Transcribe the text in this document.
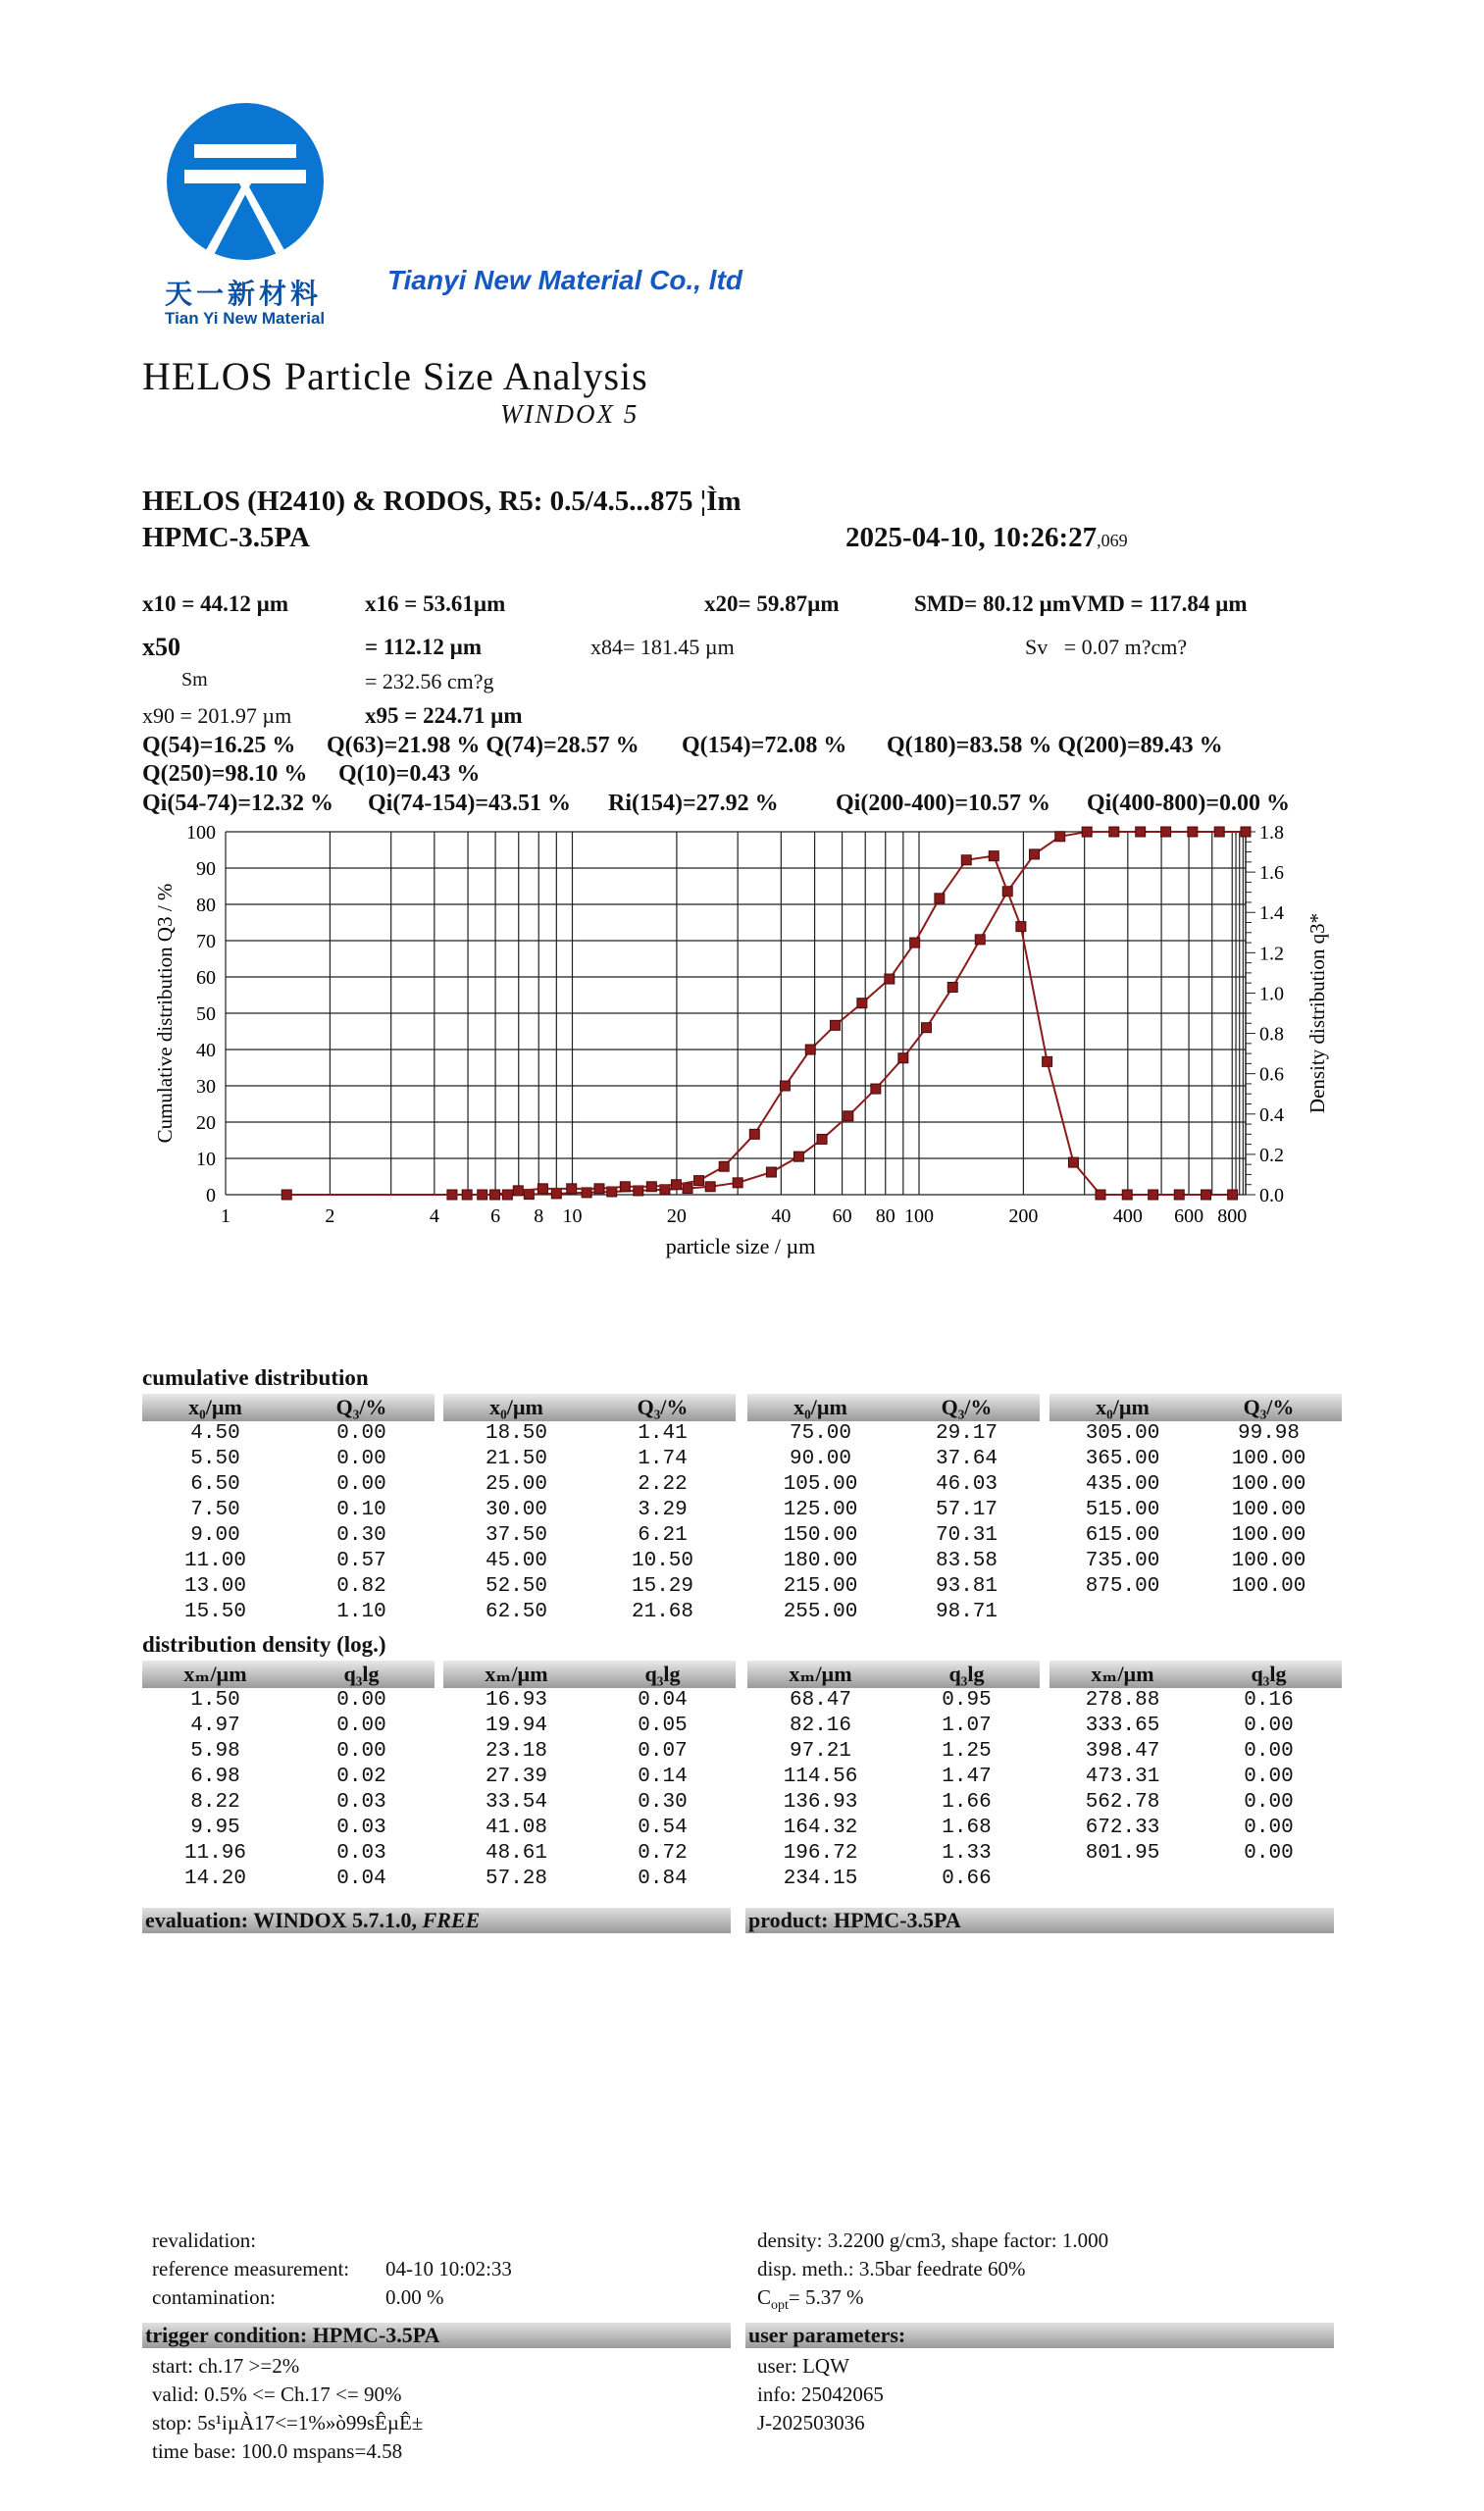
天一新材料
Tian Yi New Material
Tianyi New Material Co., ltd
HELOS Particle Size Analysis
WINDOX 5
HELOS (H2410) & RODOS, R5: 0.5/4.5...875 ¦Ìm
HPMC-3.5PA	2025-04-10, 10:26:27,069
x10 = 44.12 µm	x16 = 53.61µm	x20= 59.87µm	SMD= 80.12 µmVMD = 117.84 µm
x50	= 112.12 µm	x84= 181.45 µm	Sv = 0.07 m?cm?
Sm	= 232.56 cm?g
x90 = 201.97 µm	x95 = 224.71 µm
Q(54)=16.25 % Q(63)=21.98 % Q(74)=28.57 % Q(154)=72.08 % Q(180)=83.58 % Q(200)=89.43 %
Q(250)=98.10 % Q(10)=0.43 %
Qi(54-74)=12.32 % Qi(74-154)=43.51 % Ri(154)=27.92 % Qi(200-400)=10.57 % Qi(400-800)=0.00 %
0
10
20
30
40
50
60
70
80
90
100
0.0
0.2
0.4
0.6
0.8
1.0
1.2
1.4
1.6
1.8
1	2	4	6 8 10	20	40 60 80 100	200	400 600 800
particle size / µm
Cumulative distribution Q3 / %	Density distribution q3*
cumulative distribution
x₀/µm	Q₃/%
4.50	0.00
5.50	0.00
6.50	0.00
7.50	0.10
9.00	0.30
11.00	0.57
13.00	0.82
15.50	1.10
x₀/µm	Q₃/%
18.50	1.41
21.50	1.74
25.00	2.22
30.00	3.29
37.50	6.21
45.00	10.50
52.50	15.29
62.50	21.68
x₀/µm	Q₃/%
75.00	29.17
90.00	37.64
105.00	46.03
125.00	57.17
150.00	70.31
180.00	83.58
215.00	93.81
255.00	98.71
x₀/µm	Q₃/%
305.00	99.98
365.00	100.00
435.00	100.00
515.00	100.00
615.00	100.00
735.00	100.00
875.00	100.00
distribution density (log.)
xₘ/µm	q₃lg
1.50	0.00
4.97	0.00
5.98	0.00
6.98	0.02
8.22	0.03
9.95	0.03
11.96	0.03
14.20	0.04
xₘ/µm	q₃lg
16.93	0.04
19.94	0.05
23.18	0.07
27.39	0.14
33.54	0.30
41.08	0.54
48.61	0.72
57.28	0.84
xₘ/µm	q₃lg
68.47	0.95
82.16	1.07
97.21	1.25
114.56	1.47
136.93	1.66
164.32	1.68
196.72	1.33
234.15	0.66
xₘ/µm	q₃lg
278.88	0.16
333.65	0.00
398.47	0.00
473.31	0.00
562.78	0.00
672.33	0.00
801.95	0.00
evaluation: WINDOX 5.7.1.0, FREE	product: HPMC-3.5PA
revalidation:
reference measurement: 04-10 10:02:33
contamination:	0.00 %
density: 3.2200 g/cm3, shape factor: 1.000
disp. meth.: 3.5bar feedrate 60%
$C_{opt}= 5.37$ %
trigger condition: HPMC-3.5PA	user parameters:
start: ch.17 >=2%
valid: 0.5% <= Ch.17 <= 90%
stop: 5s¹iµÀ17<=1%»ò99sÊµÊ±
time base: 100.0 mspans=4.58
user: LQW
info: 25042065
J-202503036
